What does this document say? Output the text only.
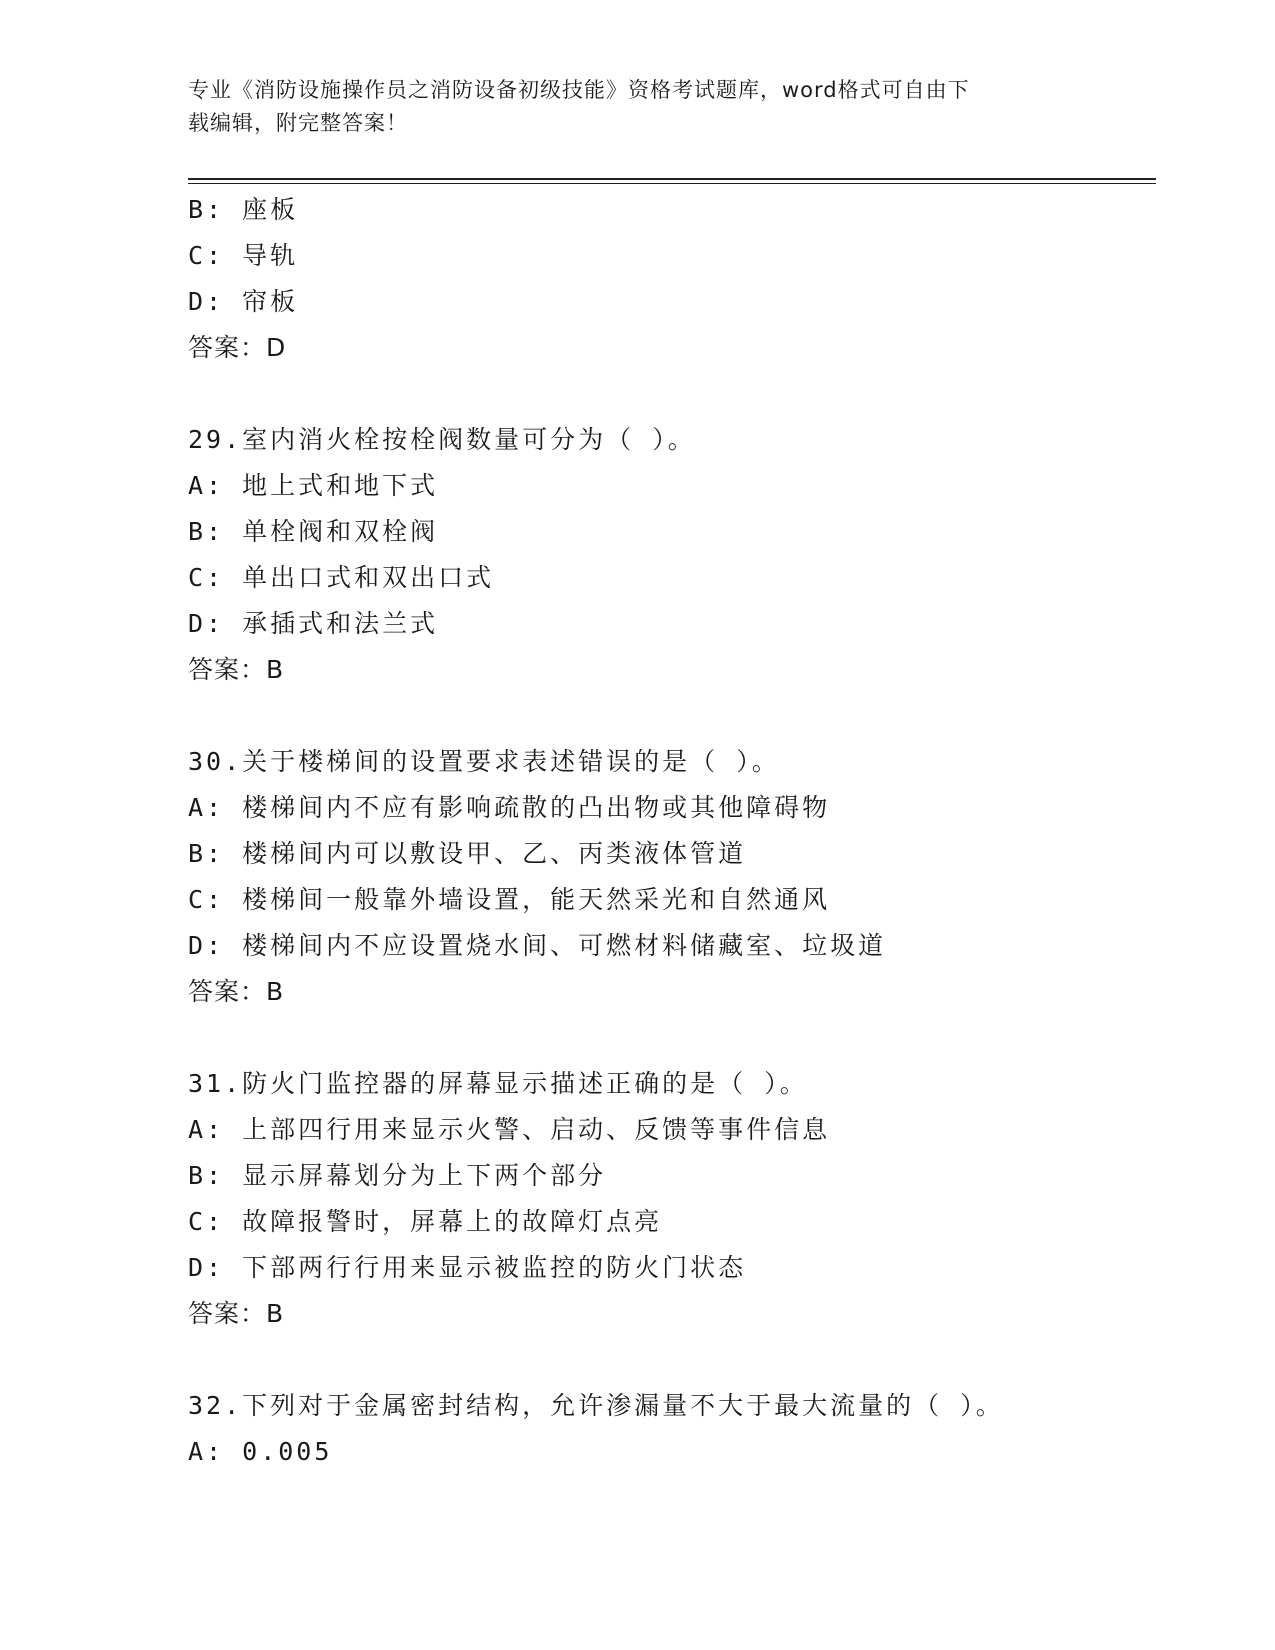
专业《消防设施操作员之消防设备初级技能》资格考试题库，word格式可自由下
载编辑，附完整答案！
B: 座板
C: 导轨
D: 帘板
答案：D
29.室内消火栓按栓阀数量可分为（ ）。
A: 地上式和地下式
B: 单栓阀和双栓阀
C: 单出口式和双出口式
D: 承插式和法兰式
答案：B
30.关于楼梯间的设置要求表述错误的是（ ）。
A: 楼梯间内不应有影响疏散的凸出物或其他障碍物
B: 楼梯间内可以敷设甲、乙、丙类液体管道
C: 楼梯间一般靠外墙设置，能天然采光和自然通风
D: 楼梯间内不应设置烧水间、可燃材料储藏室、垃圾道
答案：B
31.防火门监控器的屏幕显示描述正确的是（ ）。
A: 上部四行用来显示火警、启动、反馈等事件信息
B: 显示屏幕划分为上下两个部分
C: 故障报警时，屏幕上的故障灯点亮
D: 下部两行行用来显示被监控的防火门状态
答案：B
32.下列对于金属密封结构，允许渗漏量不大于最大流量的（ ）。
A: 0.005
